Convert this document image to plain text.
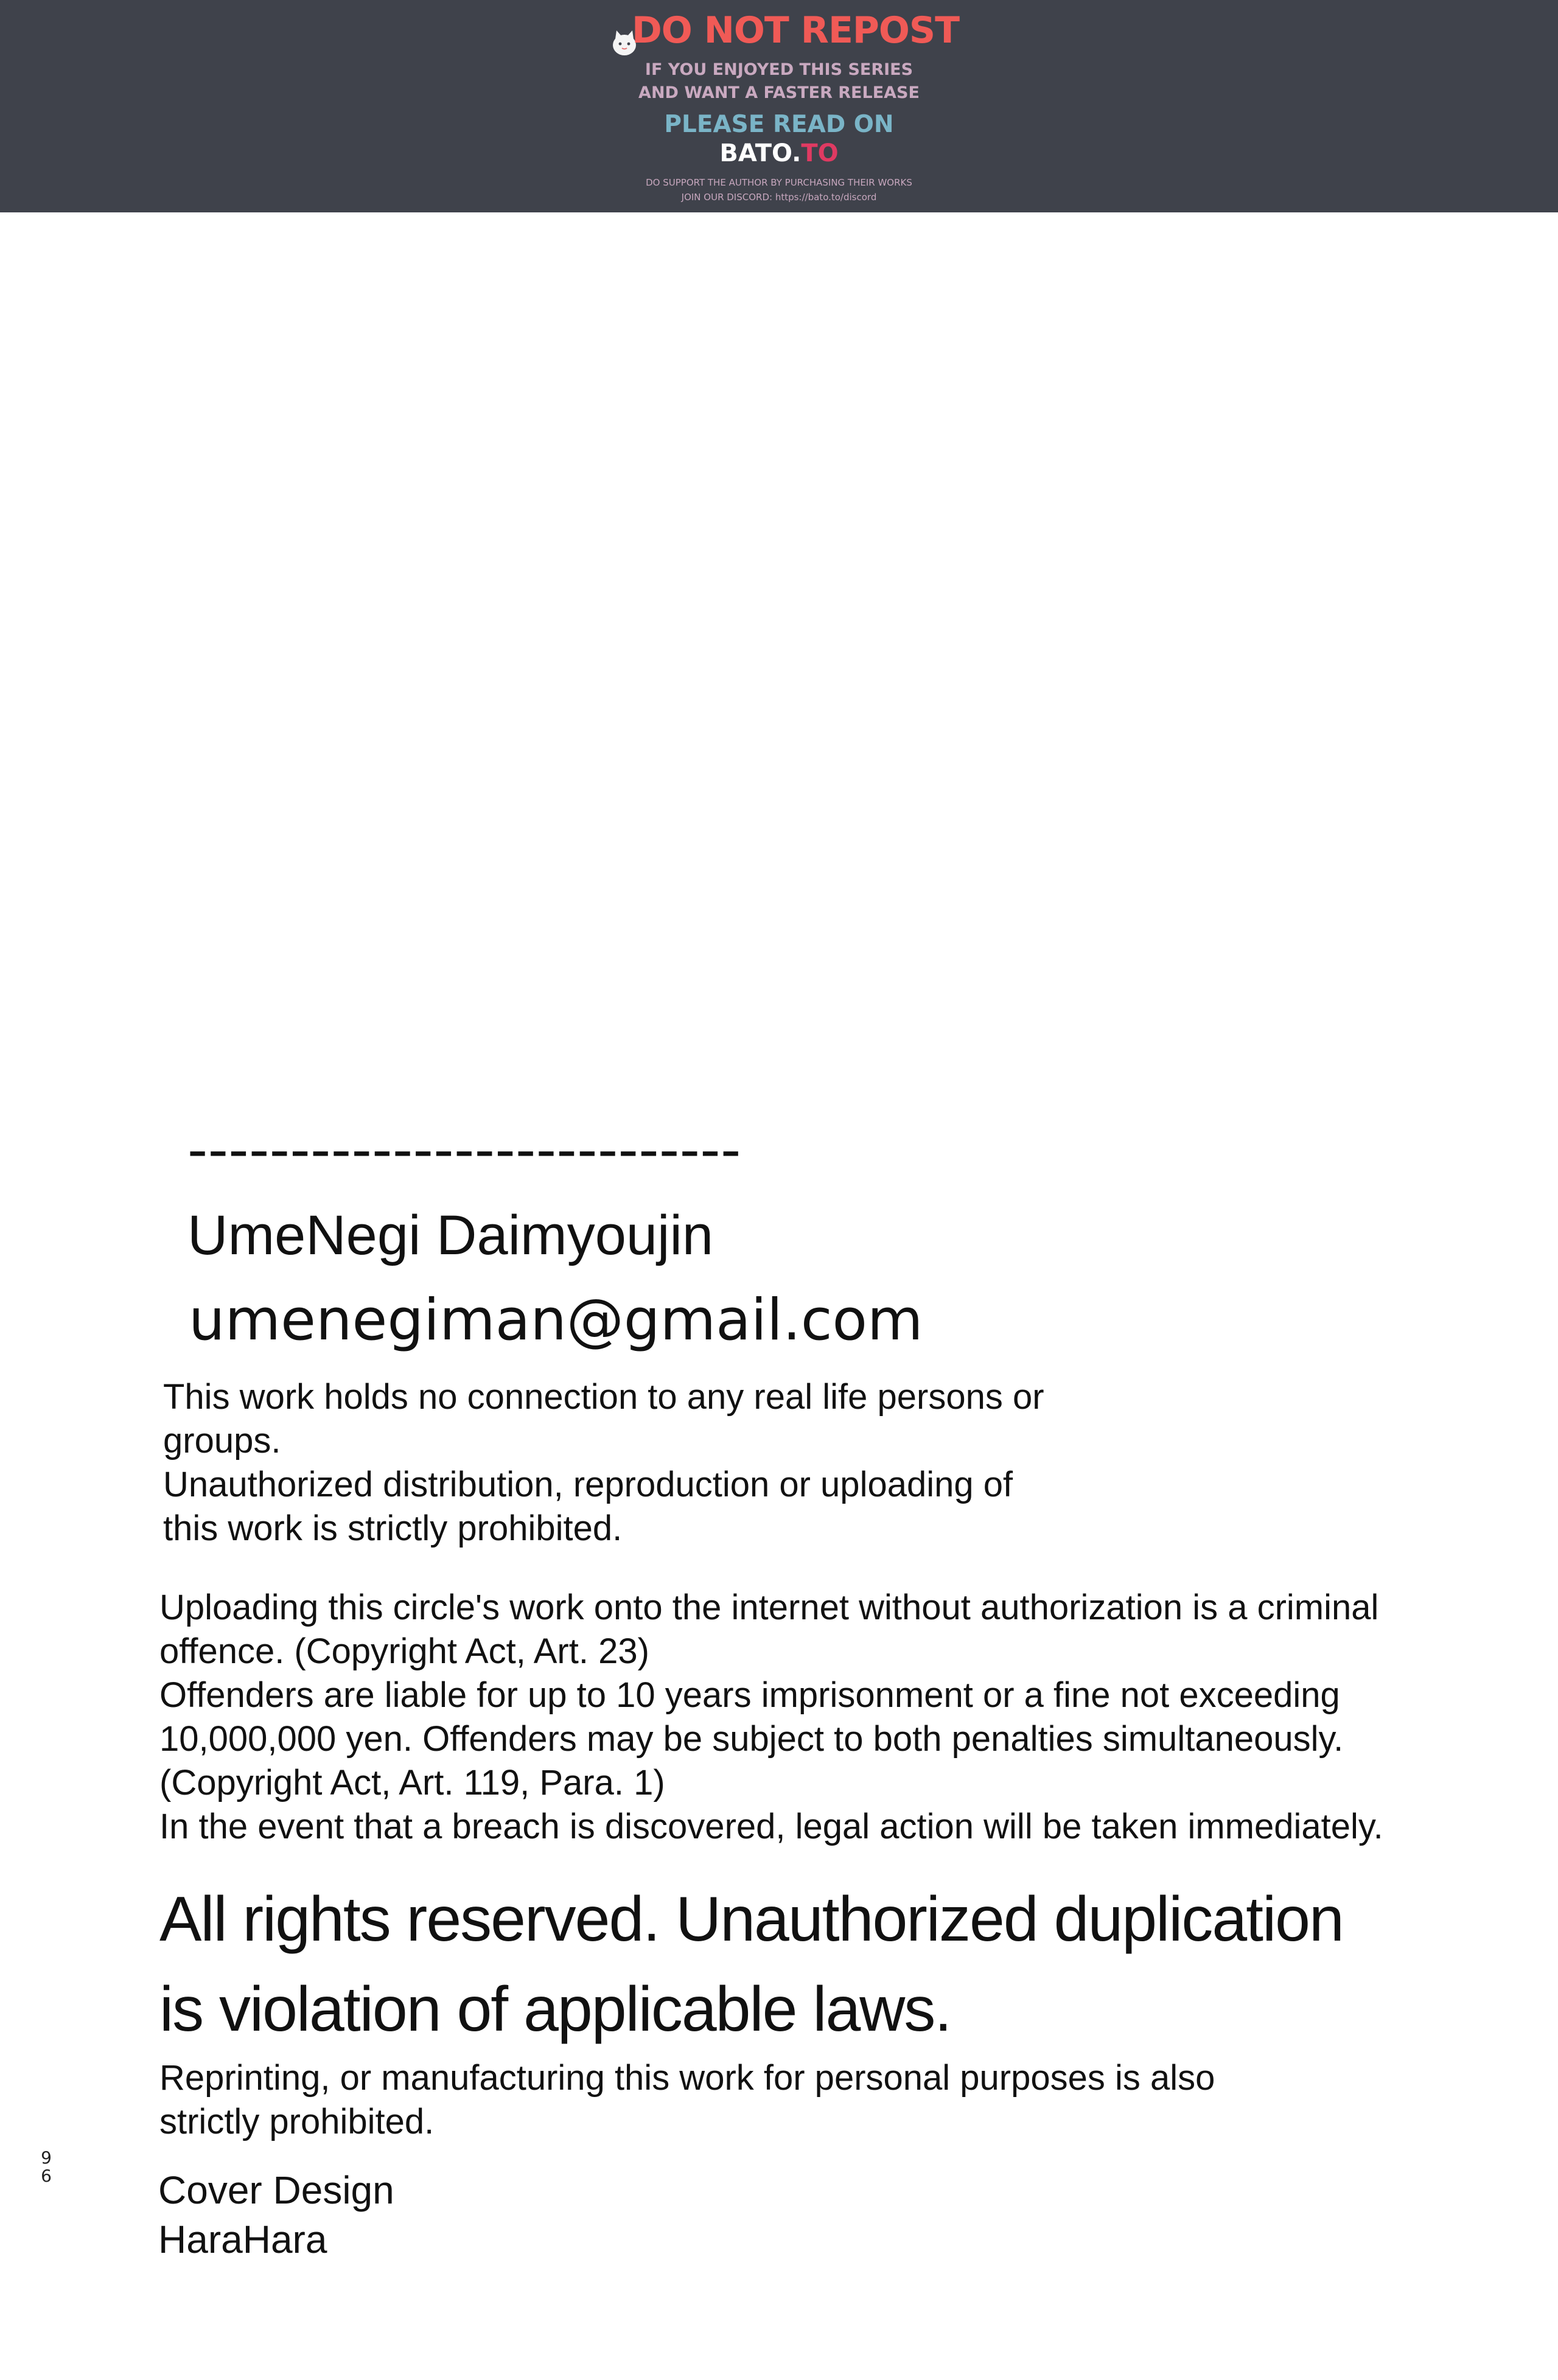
DO NOT REPOST
IF YOU ENJOYED THIS SERIES
AND WANT A FASTER RELEASE
PLEASE READ ON
BATO.TO
DO SUPPORT THE AUTHOR BY PURCHASING THEIR WORKS
JOIN OUR DISCORD: https://bato.to/discord
---------------------------
UmeNegi Daimyoujin
umenegiman@gmail.com
This work holds no connection to any real life persons or
groups.
Unauthorized distribution, reproduction or uploading of
this work is strictly prohibited.
Uploading this circle's work onto the internet without authorization is a criminal
offence. (Copyright Act, Art. 23)
Offenders are liable for up to 10 years imprisonment or a fine not exceeding
10,000,000 yen. Offenders may be subject to both penalties simultaneously.
(Copyright Act, Art. 119, Para. 1)
In the event that a breach is discovered, legal action will be taken immediately.
All rights reserved. Unauthorized duplication
is violation of applicable laws.
Reprinting, or manufacturing this work for personal purposes is also
strictly prohibited.
9
6	Cover Design
HaraHara
